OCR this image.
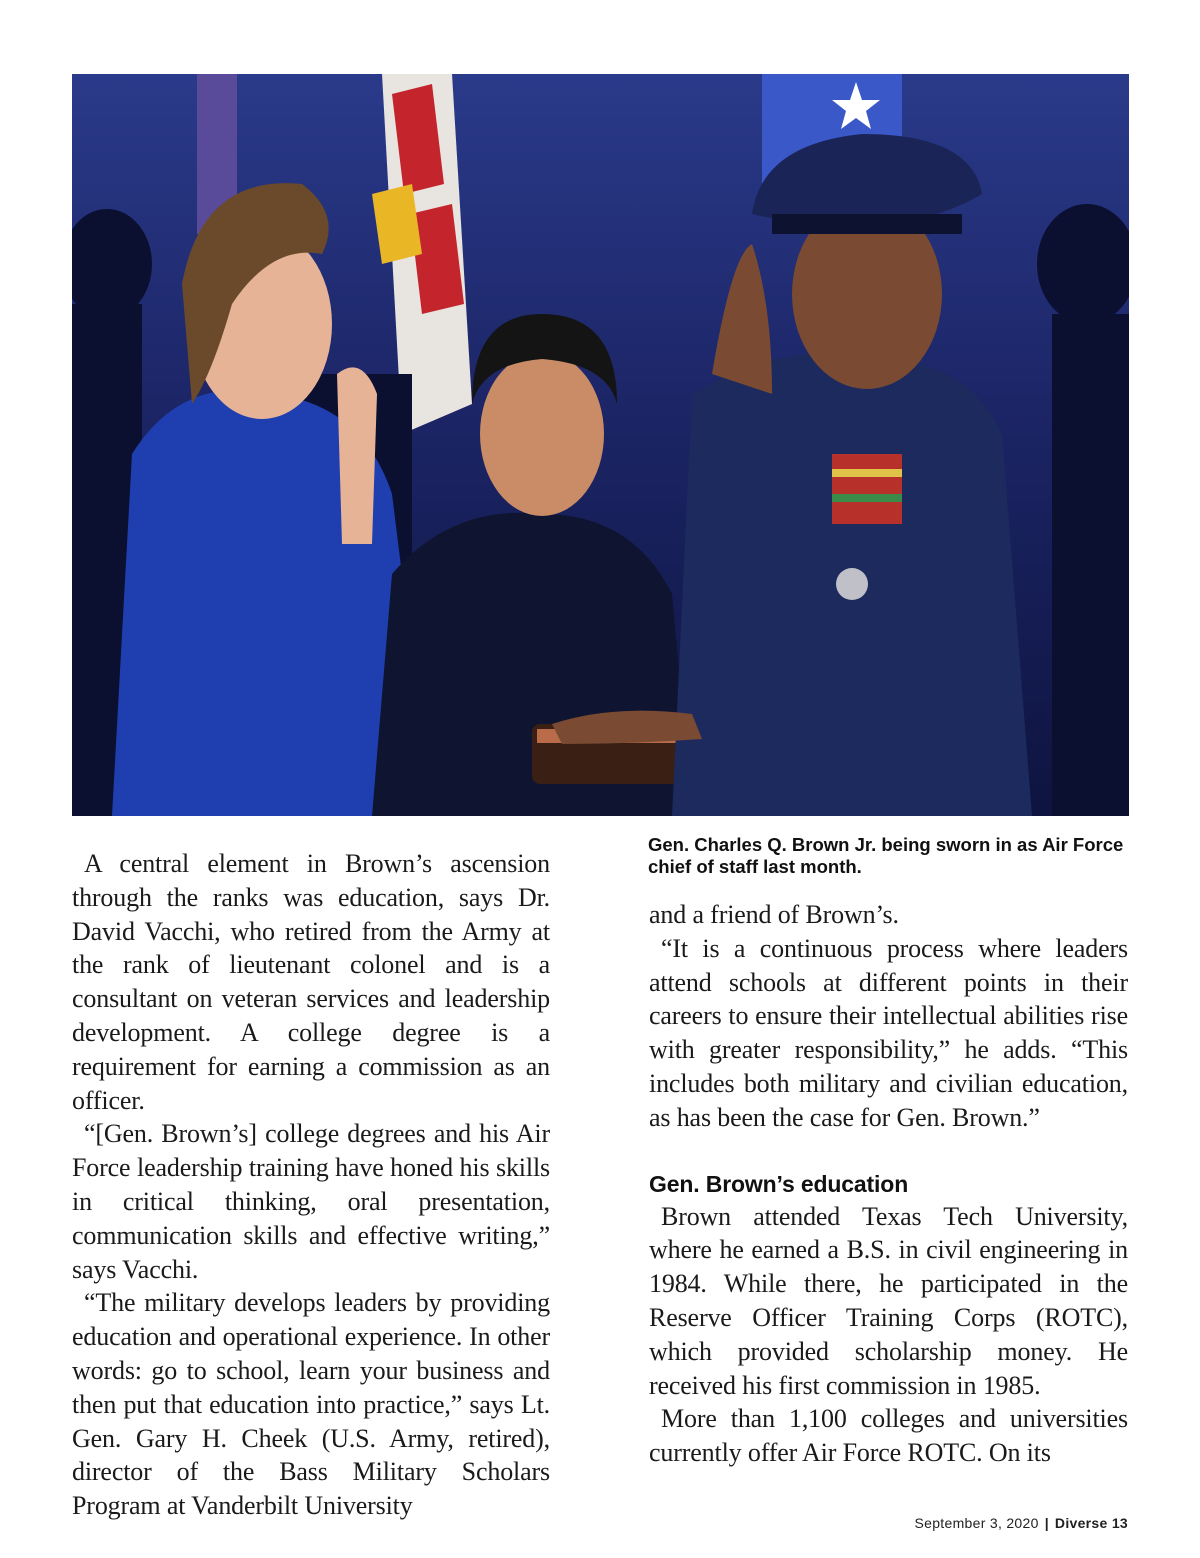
Gen. Charles Q. Brown Jr. being sworn in as Air Force chief of staff last month.

A central element in Brown’s ascension through the ranks was education, says Dr. David Vacchi, who retired from the Army at the rank of lieutenant colonel and is a consultant on veteran services and leadership development. A college degree is a requirement for earning a commission as an officer.

“[Gen. Brown’s] college degrees and his Air Force leadership training have honed his skills in critical thinking, oral presentation, communication skills and effective writing,” says Vacchi.

“The military develops leaders by providing education and operational experience. In other words: go to school, learn your business and then put that education into practice,” says Lt. Gen. Gary H. Cheek (U.S. Army, retired), director of the Bass Military Scholars Program at Vanderbilt University

and a friend of Brown’s.

“It is a continuous process where leaders attend schools at different points in their careers to ensure their intellectual abilities rise with greater responsibility,” he adds. “This includes both military and civilian education, as has been the case for Gen. Brown.”

Gen. Brown’s education

Brown attended Texas Tech University, where he earned a B.S. in civil engineering in 1984. While there, he participated in the Reserve Officer Training Corps (ROTC), which provided scholarship money. He received his first commission in 1985.

More than 1,100 colleges and universities currently offer Air Force ROTC. On its

September 3, 2020 | Diverse 13
